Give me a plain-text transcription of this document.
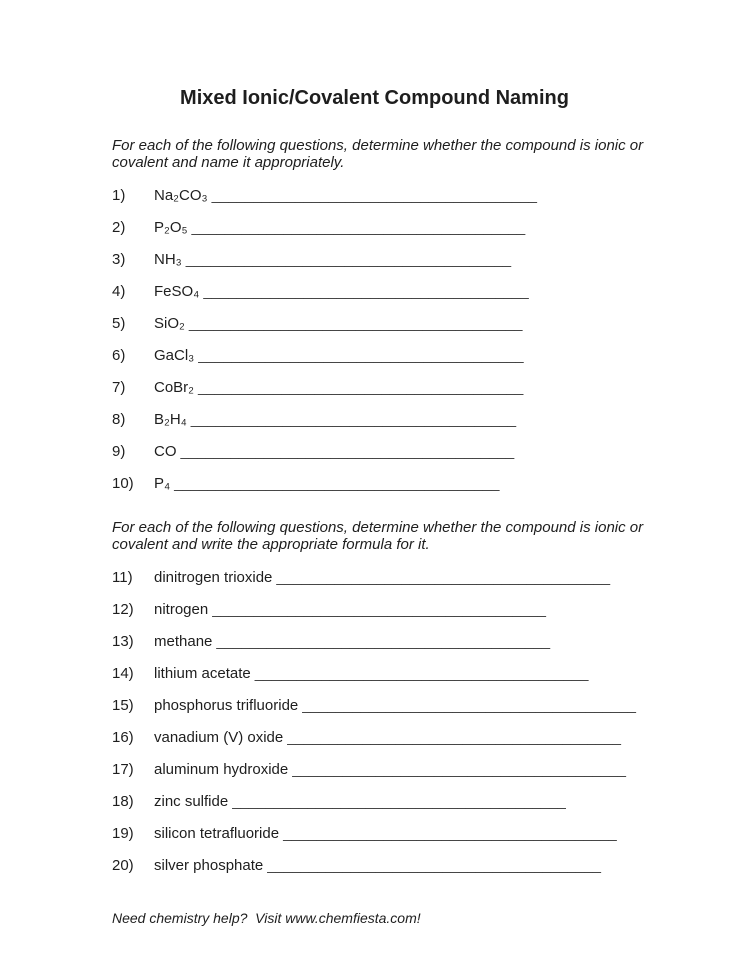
Mixed Ionic/Covalent Compound Naming
For each of the following questions, determine whether the compound is ionic or covalent and name it appropriately.
1)	Na₂CO₃ _______________________________________
2)	P₂O₅ ________________________________________
3)	NH₃ _______________________________________
4)	FeSO₄ _______________________________________
5)	SiO₂ ________________________________________
6)	GaCl₃ _______________________________________
7)	CoBr₂ _______________________________________
8)	B₂H₄ _______________________________________
9)	CO ________________________________________
10)	P₄ _______________________________________
For each of the following questions, determine whether the compound is ionic or covalent and write the appropriate formula for it.
11)	dinitrogen trioxide ________________________________________
12)	nitrogen ________________________________________
13)	methane ________________________________________
14)	lithium acetate ________________________________________
15)	phosphorus trifluoride ________________________________________
16)	vanadium (V) oxide ________________________________________
17)	aluminum hydroxide ________________________________________
18)	zinc sulfide ________________________________________
19)	silicon tetrafluoride ________________________________________
20)	silver phosphate ________________________________________
Need chemistry help?  Visit www.chemfiesta.com!
